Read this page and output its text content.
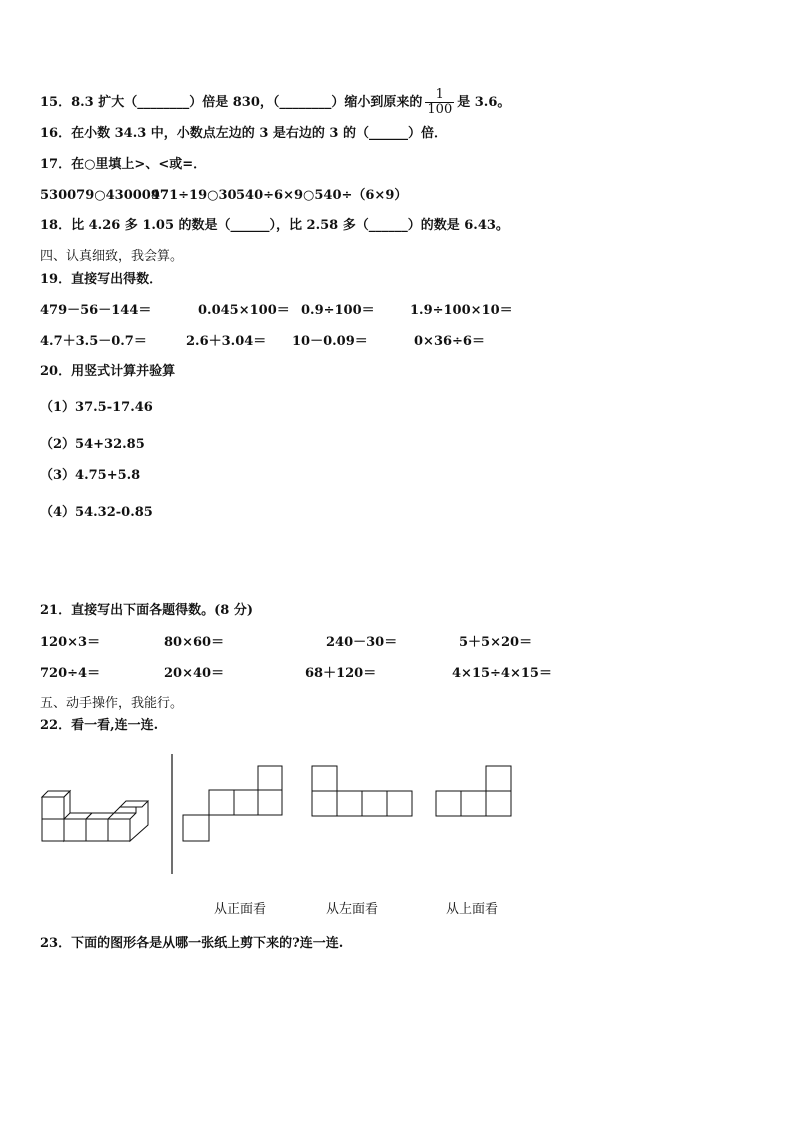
15．8.3 扩大（________）倍是 830，（________）缩小到原来的 $\frac{1}{100}$ 是 3.6。
16．在小数 34.3 中，小数点左边的 3 是右边的 3 的（______）倍．
17．在○里填上>、<或=．
530079○4300097
471÷19○30 540÷6×9○540÷（6×9）
18．比 4.26 多 1.05 的数是（______），比 2.58 多（______）的数是 6.43。
四、认真细致，我会算。
19．直接写出得数．
479－56－144＝	0.045×100＝ 0.9÷100＝	1.9÷100×10＝
4.7＋3.5－0.7＝	2.6＋3.04＝ 10－0.09＝	0×36÷6＝
20．用竖式计算并验算
（1）37.5-17.46
（2）54+32.85
（3）4.75+5.8
（4）54.32-0.85
21．直接写出下面各题得数。(8 分)
120×3＝	80×60＝	240－30＝	5＋5×20＝
720÷4＝	20×40＝	68＋120＝	4×15÷4×15＝
五、动手操作，我能行。
22．看一看,连一连.
从正面看	从左面看	从上面看
23．下面的图形各是从哪一张纸上剪下来的?连一连.
